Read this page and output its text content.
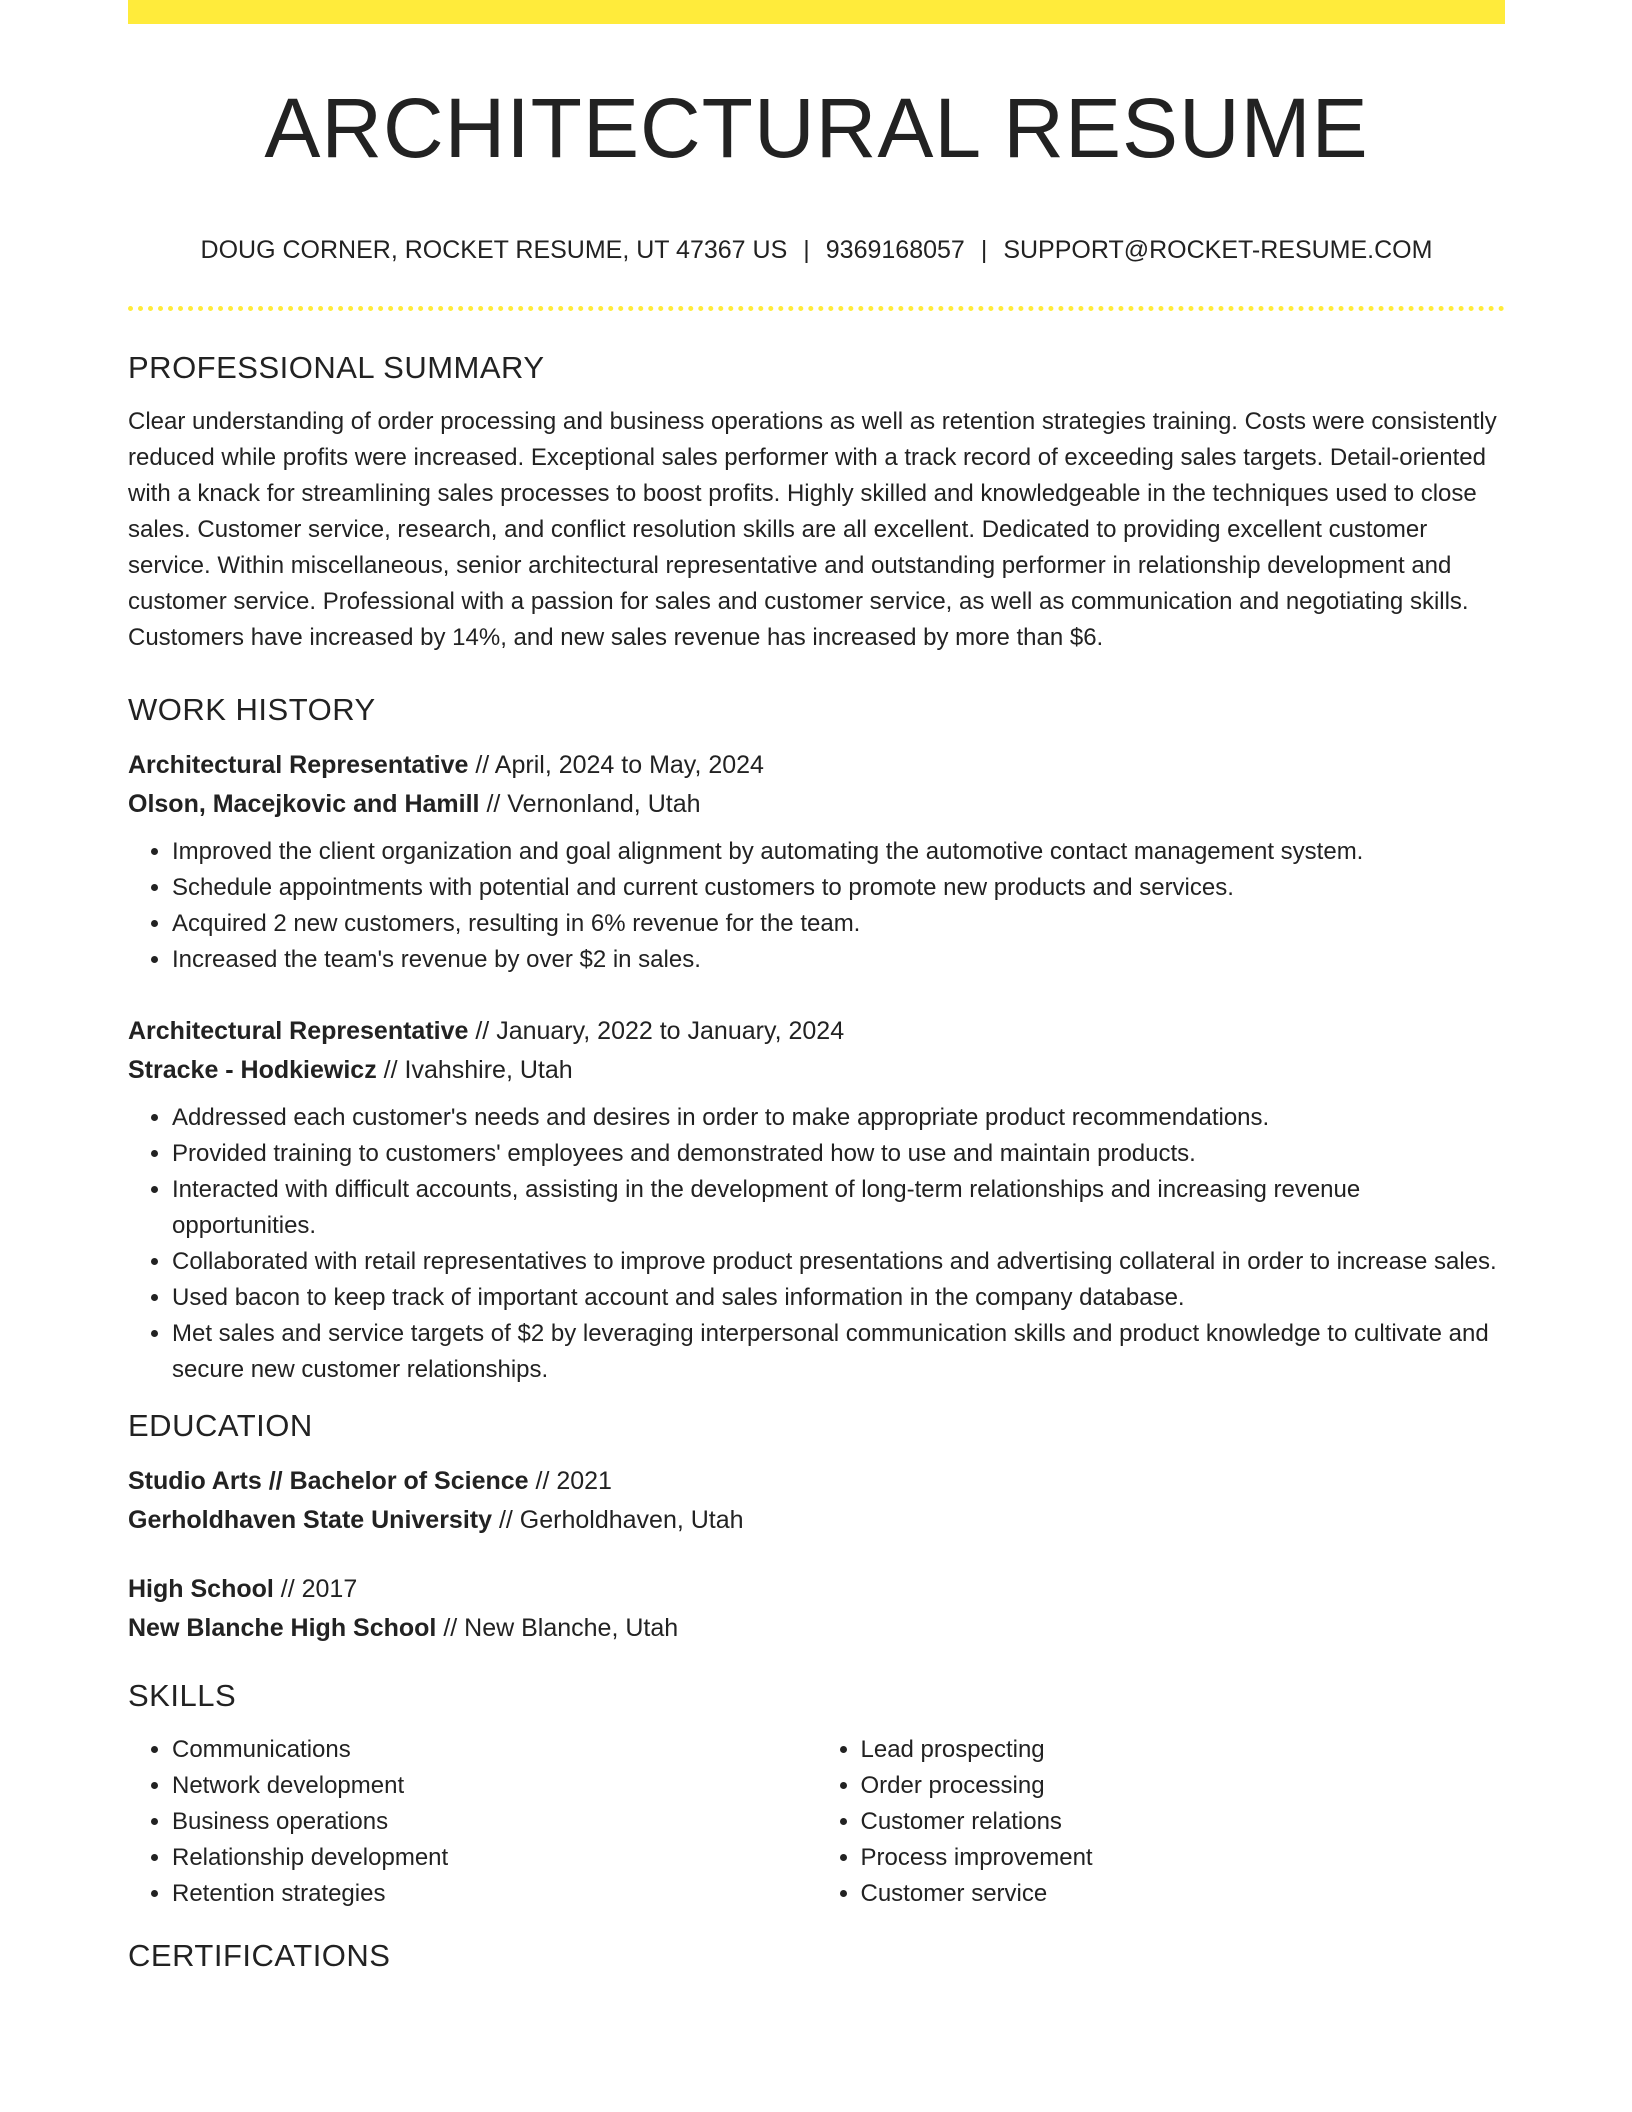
ARCHITECTURAL RESUME
DOUG CORNER, ROCKET RESUME, UT 47367 US | 9369168057 | SUPPORT@ROCKET-RESUME.COM
PROFESSIONAL SUMMARY

Clear understanding of order processing and business operations as well as retention strategies training. Costs were consistently reduced while profits were increased. Exceptional sales performer with a track record of exceeding sales targets. Detail-oriented with a knack for streamlining sales processes to boost profits. Highly skilled and knowledgeable in the techniques used to close sales. Customer service, research, and conflict resolution skills are all excellent. Dedicated to providing excellent customer service. Within miscellaneous, senior architectural representative and outstanding performer in relationship development and customer service. Professional with a passion for sales and customer service, as well as communication and negotiating skills. Customers have increased by 14%, and new sales revenue has increased by more than $6.

WORK HISTORY
Architectural Representative // April, 2024 to May, 2024
Olson, Macejkovic and Hamill // Vernonland, Utah
• Improved the client organization and goal alignment by automating the automotive contact management system.
• Schedule appointments with potential and current customers to promote new products and services.
• Acquired 2 new customers, resulting in 6% revenue for the team.
• Increased the team's revenue by over $2 in sales.
Architectural Representative // January, 2022 to January, 2024
Stracke - Hodkiewicz // Ivahshire, Utah
• Addressed each customer's needs and desires in order to make appropriate product recommendations.
• Provided training to customers' employees and demonstrated how to use and maintain products.
• Interacted with difficult accounts, assisting in the development of long-term relationships and increasing revenue opportunities.
• Collaborated with retail representatives to improve product presentations and advertising collateral in order to increase sales.
• Used bacon to keep track of important account and sales information in the company database.
• Met sales and service targets of $2 by leveraging interpersonal communication skills and product knowledge to cultivate and secure new customer relationships.
EDUCATION
Studio Arts // Bachelor of Science // 2021
Gerholdhaven State University // Gerholdhaven, Utah
High School // 2017
New Blanche High School // New Blanche, Utah
SKILLS
• Communications
• Network development
• Business operations
• Relationship development
• Retention strategies
• Lead prospecting
• Order processing
• Customer relations
• Process improvement
• Customer service
CERTIFICATIONS
